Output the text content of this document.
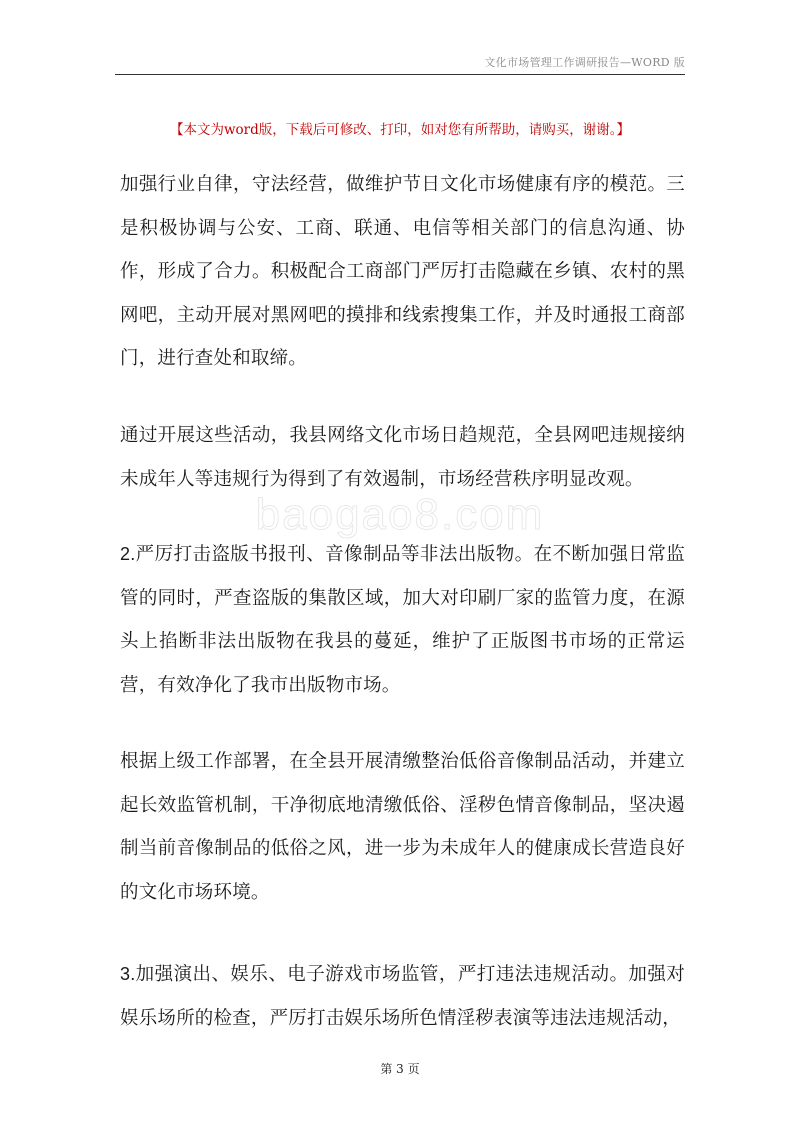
文化市场管理工作调研报告—WORD 版
【本文为word版，下载后可修改、打印，如对您有所帮助，请购买，谢谢。】
baogao8.com

加强行业自律，守法经营，做维护节日文化市场健康有序的模范。三是积极协调与公安、工商、联通、电信等相关部门的信息沟通、协作，形成了合力。积极配合工商部门严厉打击隐藏在乡镇、农村的黑网吧，主动开展对黑网吧的摸排和线索搜集工作，并及时通报工商部门，进行查处和取缔。

通过开展这些活动，我县网络文化市场日趋规范，全县网吧违规接纳未成年人等违规行为得到了有效遏制，市场经营秩序明显改观。

2.严厉打击盗版书报刊、音像制品等非法出版物。在不断加强日常监管的同时，严查盗版的集散区域，加大对印刷厂家的监管力度，在源头上掐断非法出版物在我县的蔓延，维护了正版图书市场的正常运营，有效净化了我市出版物市场。

根据上级工作部署，在全县开展清缴整治低俗音像制品活动，并建立起长效监管机制，干净彻底地清缴低俗、淫秽色情音像制品，坚决遏制当前音像制品的低俗之风，进一步为未成年人的健康成长营造良好的文化市场环境。

3.加强演出、娱乐、电子游戏市场监管，严打违法违规活动。加强对娱乐场所的检查，严厉打击娱乐场所色情淫秽表演等违法违规活动，

第 3 页
